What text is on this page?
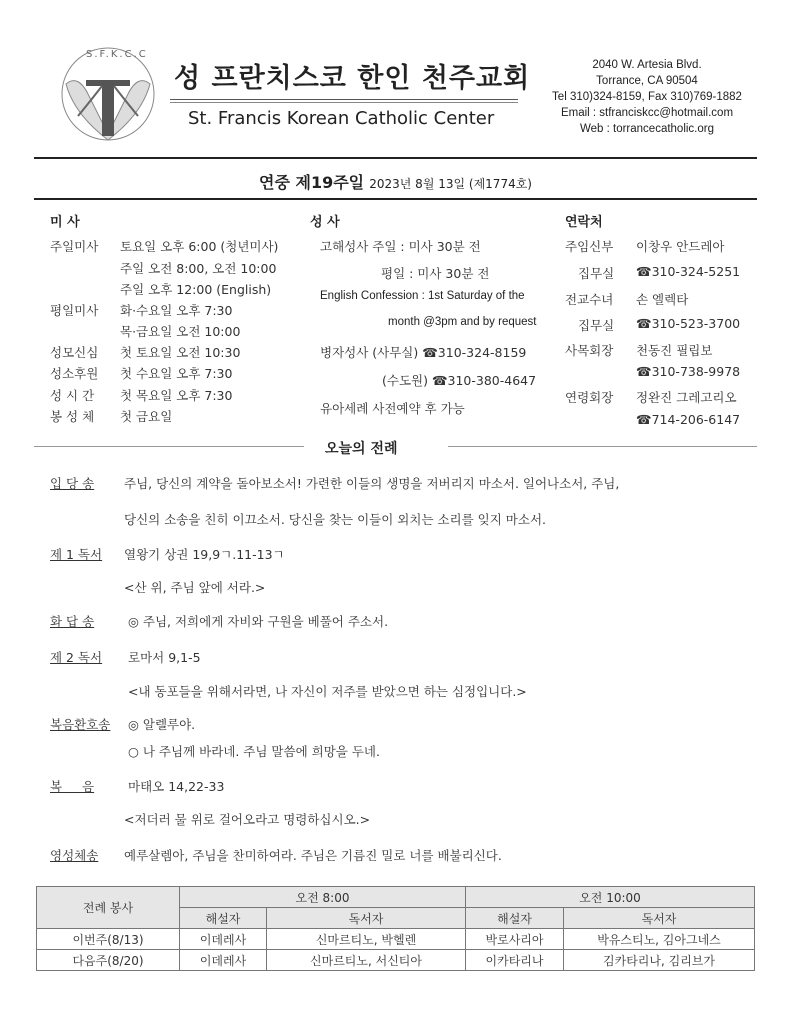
S.F.K.C.C
성 프란치스코 한인 천주교회
St. Francis Korean Catholic Center
2040 W. Artesia Blvd.
Torrance, CA 90504
Tel 310)324-8159, Fax 310)769-1882
Email : stfranciskcc@hotmail.com
Web : torrancecatholic.org
연중 제19주일 2023년 8월 13일 (제1774호)
미 사
주일미사 토요일 오후 6:00 (청년미사)
주일 오전 8:00, 오전 10:00
주일 오후 12:00 (English)
평일미사 화·수요일 오후 7:30
목·금요일 오전 10:00
성모신심 첫 토요일 오전 10:30
성소후원 첫 수요일 오후 7:30
성 시 간 첫 목요일 오후 7:30
봉 성 체 첫 금요일
성 사
고해성사 주일 : 미사 30분 전
평일 : 미사 30분 전
English Confession : 1st Saturday of the
month @3pm and by request
병자성사 (사무실) ☎310-324-8159
(수도원) ☎310-380-4647
유아세례 사전예약 후 가능
연락처
주임신부 이창우 안드레아
집무실 ☎310-324-5251
전교수녀 손 엘렉타
집무실 ☎310-523-3700
사목회장 천동진 필립보
☎310-738-9978
연령회장 정완진 그레고리오
☎714-206-6147
오늘의 전례
입 당 송 주님, 당신의 계약을 돌아보소서! 가련한 이들의 생명을 저버리지 마소서. 일어나소서, 주님,
당신의 소송을 친히 이끄소서. 당신을 찾는 이들이 외치는 소리를 잊지 마소서.
제 1 독서 열왕기 상권 19,9ㄱ.11-13ㄱ
<산 위, 주님 앞에 서라.>
화 답 송	◎ 주님, 저희에게 자비와 구원을 베풀어 주소서.
제 2 독서 로마서 9,1-5
<내 동포들을 위해서라면, 나 자신이 저주를 받았으면 하는 심정입니다.>
복음환호송 ◎ 알렐루야.
○ 나 주님께 바라네. 주님 말씀에 희망을 두네.
복 음	마태오 14,22-33
<저더러 물 위로 걸어오라고 명령하십시오.>
영성체송 예루살렘아, 주님을 찬미하여라. 주님은 기름진 밀로 너를 배불리신다.
전례 봉사	오전 8:00		오전 10:00	
	해설자	독서자	해설자	독서자
이번주(8/13)	이데레사	신마르티노, 박헬렌	박로사리아	박유스티노, 김아그네스
다음주(8/20)	이데레사	신마르티노, 서신티아	이카타리나	김카타리나, 김리브가
